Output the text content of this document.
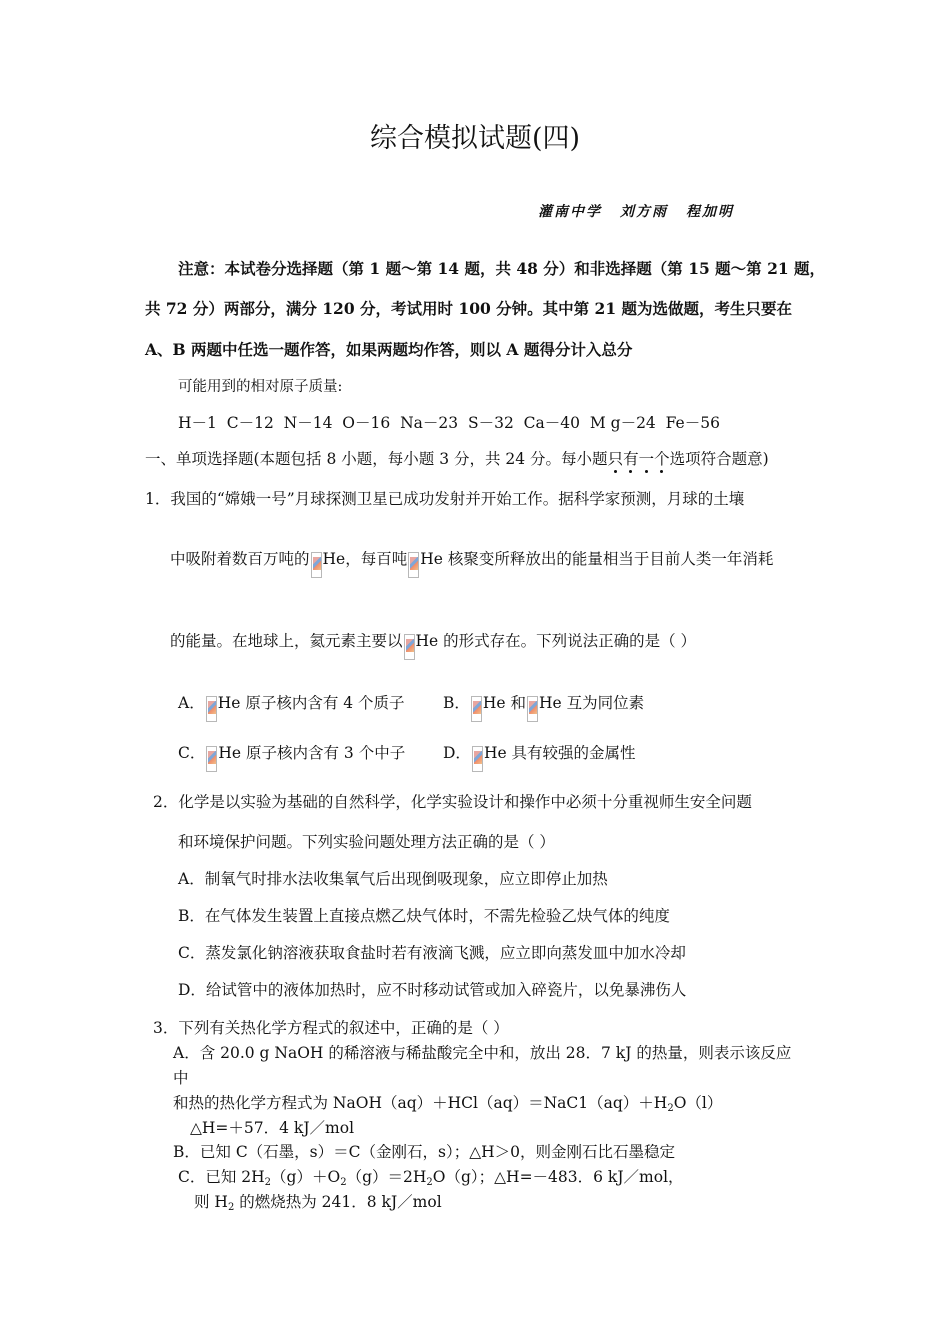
综合模拟试题(四)
灌南中学 刘方雨 程加明
注意：本试卷分选择题（第 1 题～第 14 题，共 48 分）和非选择题（第 15 题～第 21 题，
共 72 分）两部分，满分 120 分，考试用时 100 分钟。其中第 21 题为选做题，考生只要在
A、B 两题中任选一题作答，如果两题均作答，则以 A 题得分计入总分
可能用到的相对原子质量:
H－1  C－12  N－14  O－16  Na－23  S－32  Ca－40  M g－24  Fe－56
一、单项选择题(本题包括 8 小题，每小题 3 分，共 24 分。每小题只有一个选项符合题意)
1．我国的“嫦娥一号”月球探测卫星已成功发射并开始工作。据科学家预测，月球的土壤
中吸附着数百万吨的 He，每百吨 He 核聚变所释放出的能量相当于目前人类一年消耗
的能量。在地球上，氦元素主要以 He 的形式存在。下列说法正确的是（ ）
A． He 原子核内含有 4 个质子 B． He 和 He 互为同位素
C． He 原子核内含有 3 个中子 D． He 具有较强的金属性
2．化学是以实验为基础的自然科学，化学实验设计和操作中必须十分重视师生安全问题
和环境保护问题。下列实验问题处理方法正确的是（ ）
A．制氧气时排水法收集氧气后出现倒吸现象，应立即停止加热
B．在气体发生装置上直接点燃乙炔气体时，不需先检验乙炔气体的纯度
C．蒸发氯化钠溶液获取食盐时若有液滴飞溅，应立即向蒸发皿中加水冷却
D．给试管中的液体加热时，应不时移动试管或加入碎瓷片，以免暴沸伤人
3．下列有关热化学方程式的叙述中，正确的是（ ）
A．含 20.0 g NaOH 的稀溶液与稀盐酸完全中和，放出 28．7 kJ 的热量，则表示该反应
中
和热的热化学方程式为 $NaOH(aq)+HCl(aq)=NaC1(aq)+H_2O(l)$
△H=＋57．4 kJ／mol
B．已知 C（石墨，s）＝C（金刚石，s）；△H＞0，则金刚石比石墨稳定
C．已知 $2H_2(g)+O_2(g)=2H_2O(g)$；△H=－483．6 kJ／mol，
则 $H_2$ 的燃烧热为 241．8 kJ／mol
